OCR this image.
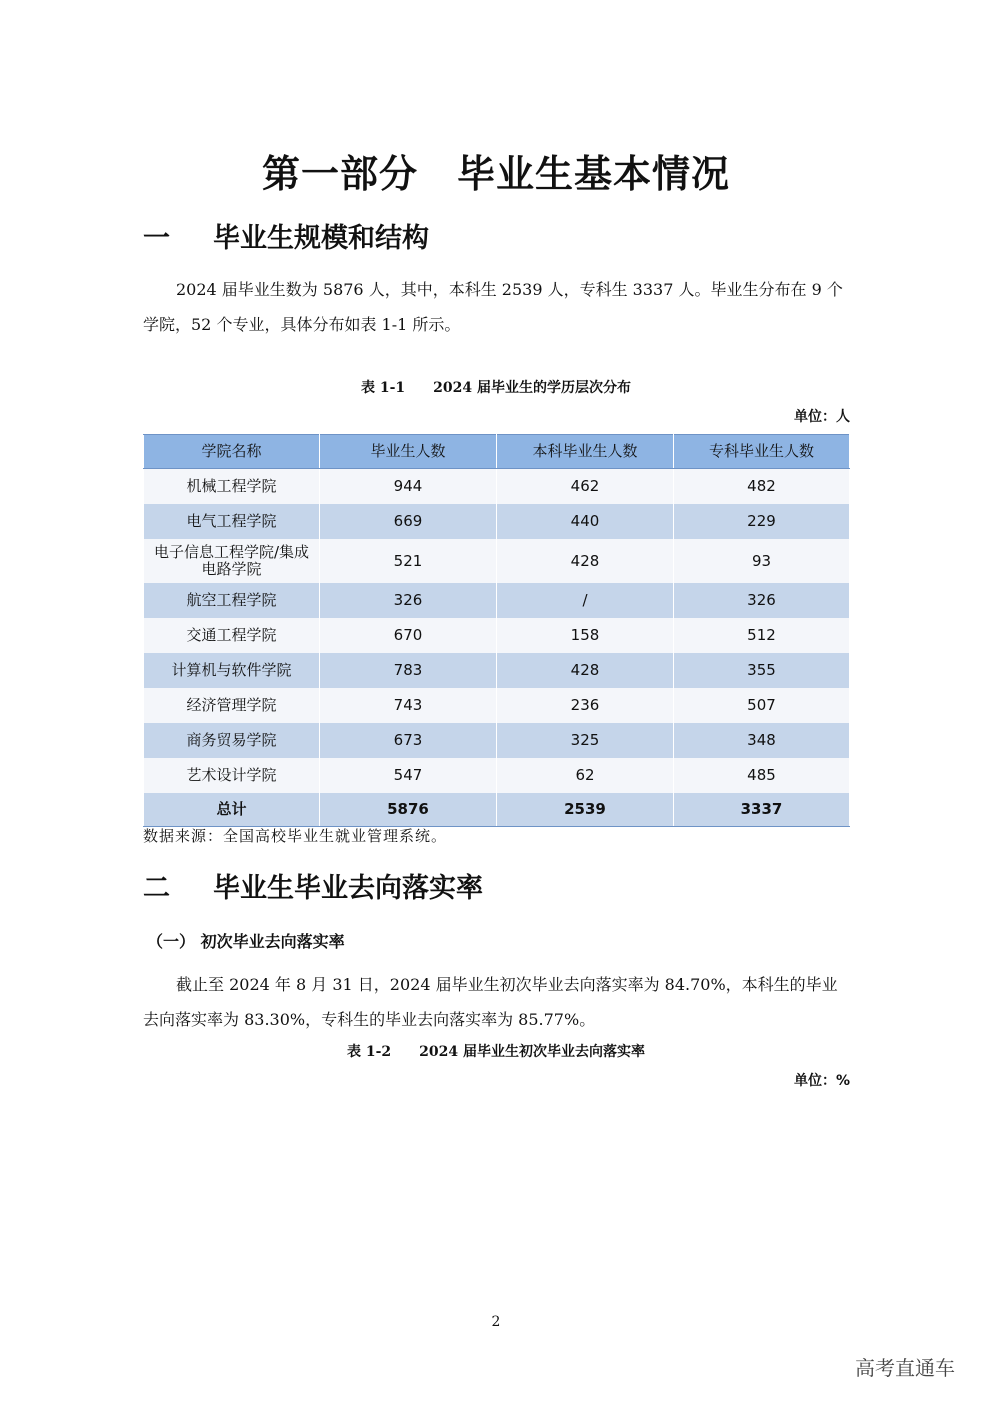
第一部分　毕业生基本情况
一 毕业生规模和结构
2024 届毕业生数为 5876 人，其中，本科生 2539 人，专科生 3337 人。毕业生分布在 9 个学院，52 个专业，具体分布如表 1-1 所示。
表 1-1　　2024 届毕业生的学历层次分布
单位：人
学院名称	毕业生人数	本科毕业生人数	专科毕业生人数
机械工程学院	944	462	482
电气工程学院	669	440	229
电子信息工程学院/集成电路学院	521	428	93
航空工程学院	326	/	326
交通工程学院	670	158	512
计算机与软件学院	783	428	355
经济管理学院	743	236	507
商务贸易学院	673	325	348
艺术设计学院	547	62	485
总计	5876	2539	3337
数据来源：全国高校毕业生就业管理系统。
二 毕业生毕业去向落实率
（一） 初次毕业去向落实率
截止至 2024 年 8 月 31 日，2024 届毕业生初次毕业去向落实率为 84.70%，本科生的毕业去向落实率为 83.30%，专科生的毕业去向落实率为 85.77%。
表 1-2　　2024 届毕业生初次毕业去向落实率
单位：%
2
高考直通车
